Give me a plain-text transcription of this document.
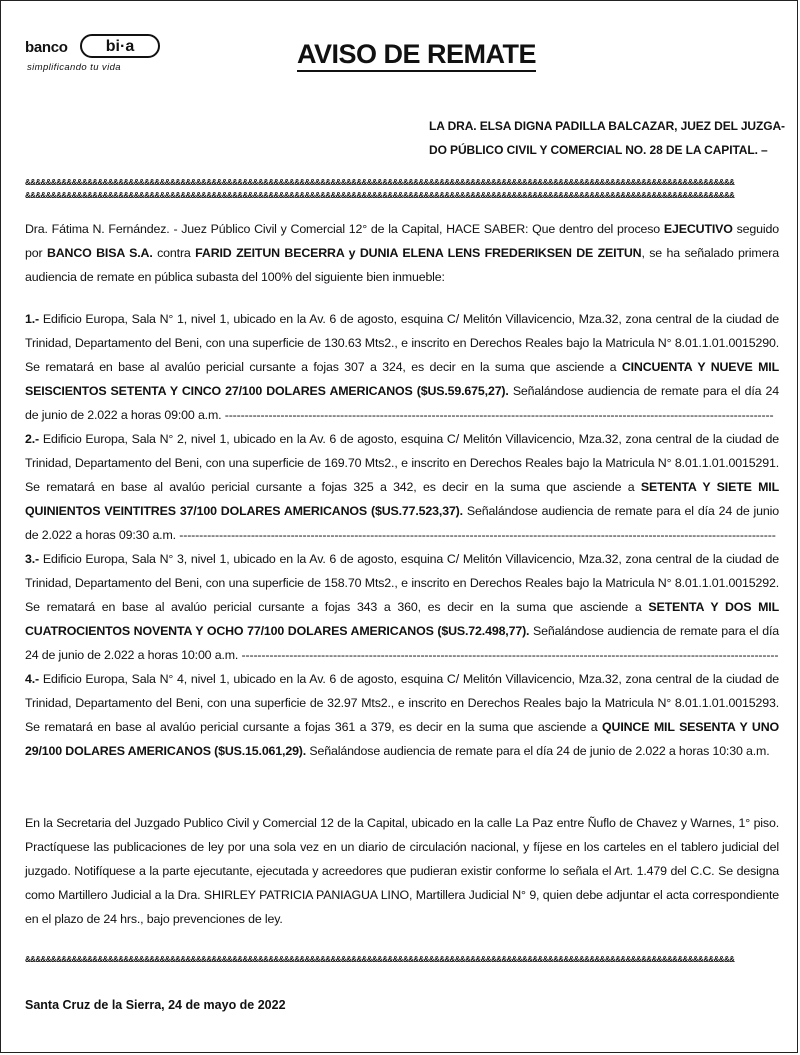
banco bi·a
simplificando tu vida	AVISO DE REMATE
LA DRA. ELSA DIGNA PADILLA BALCAZAR, JUEZ DEL JUZGA-
DO PÚBLICO CIVIL Y COMERCIAL NO. 28 DE LA CAPITAL. –
&&&&&&&&&&&&&&&&&&&&&&&&&&&&&&&&&&&&&&&&&&&&&&&&&&&&&&&&&&&&&&&&&&&&&&&&&&&&&&&&&&&&&&&&&&&&&&&&&&&&&&&&&&&&&&&&&&&&&&&&&&&&&&&&&&&&&&&&&
&&&&&&&&&&&&&&&&&&&&&&&&&&&&&&&&&&&&&&&&&&&&&&&&&&&&&&&&&&&&&&&&&&&&&&&&&&&&&&&&&&&&&&&&&&&&&&&&&&&&&&&&&&&&&&&&&&&&&&&&&&&&&&&&&&&&&&&&&

Dra. Fátima N. Fernández. - Juez Público Civil y Comercial 12° de la Capital, HACE SABER: Que dentro del proceso EJECUTIVO seguido por BANCO BISA S.A. contra FARID ZEITUN BECERRA y DUNIA ELENA LENS FREDERIKSEN DE ZEITUN, se ha señalado primera audiencia de remate en pública subasta del 100% del siguiente bien inmueble:

1.- Edificio Europa, Sala N° 1, nivel 1, ubicado en la Av. 6 de agosto, esquina C/ Melitón Villavicencio, Mza.32, zona central de la ciudad de Trinidad, Departamento del Beni, con una superficie de 130.63 Mts2., e inscrito en Derechos Reales bajo la Matricula N° 8.01.1.01.0015290. Se rematará en base al avalúo pericial cursante a fojas 307 a 324, es decir en la suma que asciende a CINCUENTA Y NUEVE MIL SEISCIENTOS SETENTA Y CINCO 27/100 DOLARES AMERICANOS ($US.59.675,27). Señalándose audiencia de remate para el día 24 de junio de 2.022 a horas 09:00 a.m. ------------------------------------------------------------------------------------------------------------------------------------------

2.- Edificio Europa, Sala N° 2, nivel 1, ubicado en la Av. 6 de agosto, esquina C/ Melitón Villavicencio, Mza.32, zona central de la ciudad de Trinidad, Departamento del Beni, con una superficie de 169.70 Mts2., e inscrito en Derechos Reales bajo la Matricula N° 8.01.1.01.0015291. Se rematará en base al avalúo pericial cursante a fojas 325 a 342, es decir en la suma que asciende a SETENTA Y SIETE MIL QUINIENTOS VEINTITRES 37/100 DOLARES AMERICANOS ($US.77.523,37). Señalándose audiencia de remate para el día 24 de junio de 2.022 a horas 09:30 a.m. ------------------------------------------------------------------------------------------------------------------------------------------------------

3.- Edificio Europa, Sala N° 3, nivel 1, ubicado en la Av. 6 de agosto, esquina C/ Melitón Villavicencio, Mza.32, zona central de la ciudad de Trinidad, Departamento del Beni, con una superficie de 158.70 Mts2., e inscrito en Derechos Reales bajo la Matricula N° 8.01.1.01.0015292. Se rematará en base al avalúo pericial cursante a fojas 343 a 360, es decir en la suma que asciende a SETENTA Y DOS MIL CUATROCIENTOS NOVENTA Y OCHO 77/100 DOLARES AMERICANOS ($US.72.498,77). Señalándose audiencia de remate para el día 24 de junio de 2.022 a horas 10:00 a.m. ---------------------------------------------------------------------------------------------------------------------------------------

4.- Edificio Europa, Sala N° 4, nivel 1, ubicado en la Av. 6 de agosto, esquina C/ Melitón Villavicencio, Mza.32, zona central de la ciudad de Trinidad, Departamento del Beni, con una superficie de 32.97 Mts2., e inscrito en Derechos Reales bajo la Matricula N° 8.01.1.01.0015293. Se rematará en base al avalúo pericial cursante a fojas 361 a 379, es decir en la suma que asciende a QUINCE MIL SESENTA Y UNO 29/100 DOLARES AMERICANOS ($US.15.061,29). Señalándose audiencia de remate para el día 24 de junio de 2.022 a horas 10:30 a.m.

En la Secretaria del Juzgado Publico Civil y Comercial 12 de la Capital, ubicado en la calle La Paz entre Ñuflo de Chavez y Warnes, 1° piso. Practíquese las publicaciones de ley por una sola vez en un diario de circulación nacional, y fíjese en los carteles en el tablero judicial del juzgado. Notifíquese a la parte ejecutante, ejecutada y acreedores que pudieran existir conforme lo señala el Art. 1.479 del C.C. Se designa como Martillero Judicial a la Dra. SHIRLEY PATRICIA PANIAGUA LINO, Martillera Judicial N° 9, quien debe adjuntar el acta correspondiente en el plazo de 24 hrs., bajo prevenciones de ley.

&&&&&&&&&&&&&&&&&&&&&&&&&&&&&&&&&&&&&&&&&&&&&&&&&&&&&&&&&&&&&&&&&&&&&&&&&&&&&&&&&&&&&&&&&&&&&&&&&&&&&&&&&&&&&&&&&&&&&&&&&&&&&&&&&&&&&&&&&
Santa Cruz de la Sierra, 24 de mayo de 2022
